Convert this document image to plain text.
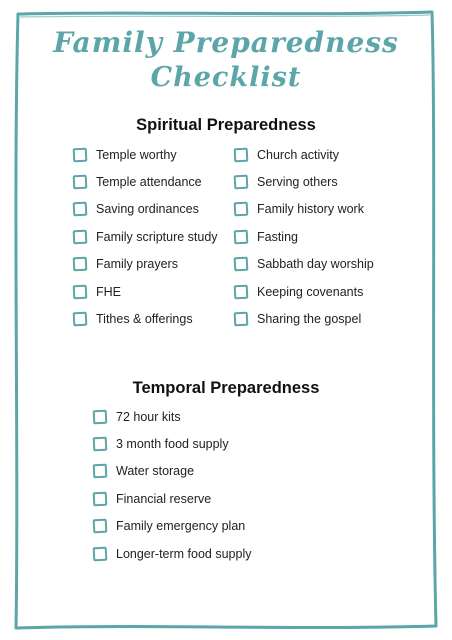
Family Preparedness
Checklist
Spiritual Preparedness
Temple worthy
Temple attendance
Saving ordinances
Family scripture study
Family prayers
FHE
Tithes & offerings
Church activity
Serving others
Family history work
Fasting
Sabbath day worship
Keeping covenants
Sharing the gospel
Temporal Preparedness
72 hour kits
3 month food supply
Water storage
Financial reserve
Family emergency plan
Longer-term food supply
